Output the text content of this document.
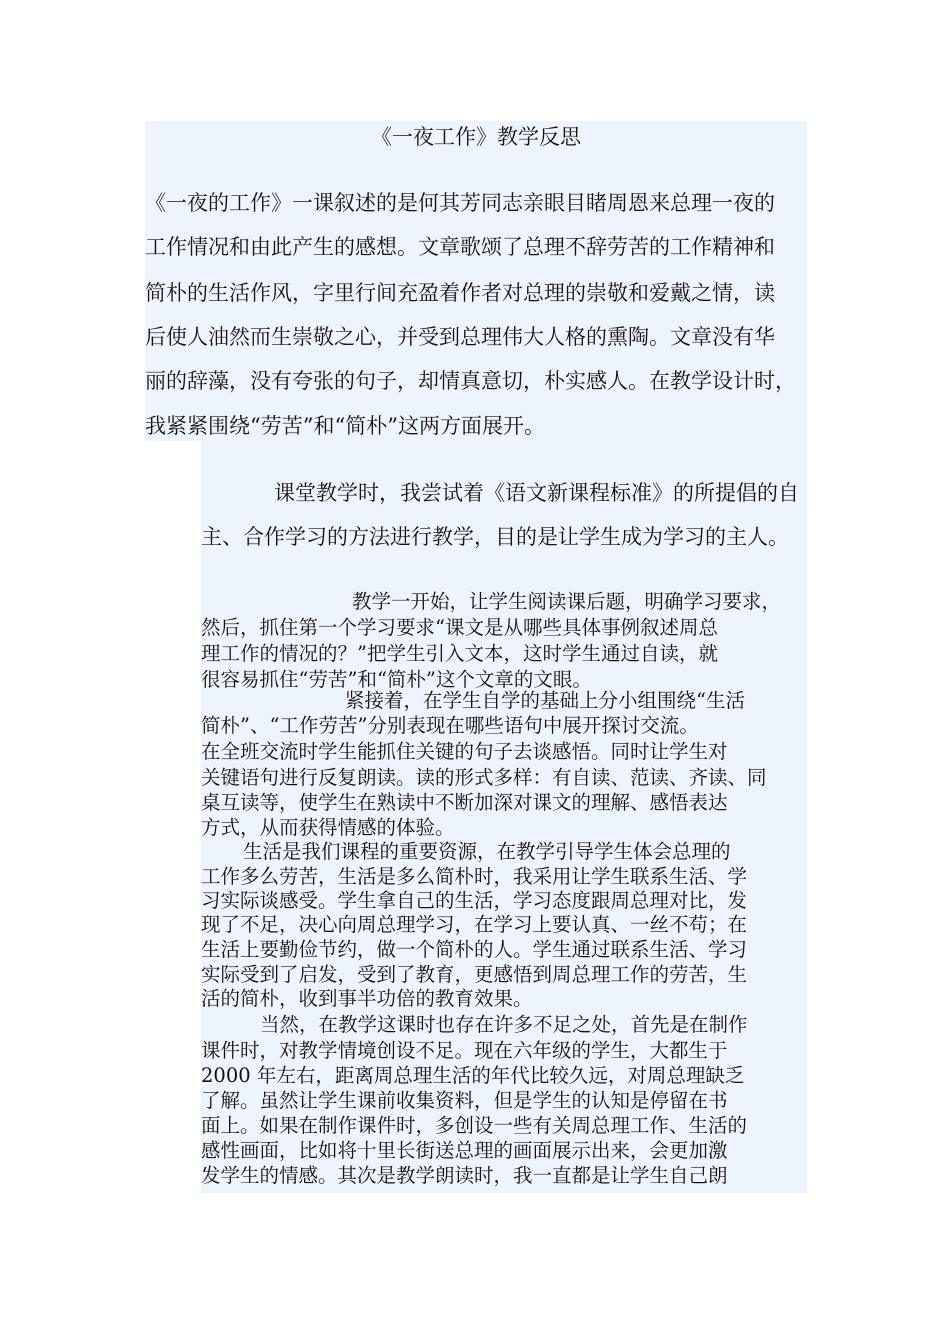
《一夜工作》教学反思
《一夜的工作》一课叙述的是何其芳同志亲眼目睹周恩来总理一夜的
工作情况和由此产生的感想。文章歌颂了总理不辞劳苦的工作精神和
简朴的生活作风，字里行间充盈着作者对总理的崇敬和爱戴之情，读
后使人油然而生崇敬之心，并受到总理伟大人格的熏陶。文章没有华
丽的辞藻，没有夸张的句子，却情真意切，朴实感人。在教学设计时，
我紧紧围绕“劳苦”和“简朴”这两方面展开。
课堂教学时，我尝试着《语文新课程标准》的所提倡的自
主、合作学习的方法进行教学，目的是让学生成为学习的主人。
教学一开始，让学生阅读课后题，明确学习要求，
然后，抓住第一个学习要求“课文是从哪些具体事例叙述周总
理工作的情况的？”把学生引入文本，这时学生通过自读，就
很容易抓住“劳苦”和“简朴”这个文章的文眼。
紧接着，在学生自学的基础上分小组围绕“生活
简朴”、“工作劳苦”分别表现在哪些语句中展开探讨交流。
在全班交流时学生能抓住关键的句子去谈感悟。同时让学生对
关键语句进行反复朗读。读的形式多样：有自读、范读、齐读、同
桌互读等，使学生在熟读中不断加深对课文的理解、感悟表达
方式，从而获得情感的体验。
生活是我们课程的重要资源，在教学引导学生体会总理的
工作多么劳苦，生活是多么简朴时，我采用让学生联系生活、学
习实际谈感受。学生拿自己的生活，学习态度跟周总理对比，发
现了不足，决心向周总理学习，在学习上要认真、一丝不苟；在
生活上要勤俭节约，做一个简朴的人。学生通过联系生活、学习
实际受到了启发，受到了教育，更感悟到周总理工作的劳苦，生
活的简朴，收到事半功倍的教育效果。
当然，在教学这课时也存在许多不足之处，首先是在制作
课件时，对教学情境创设不足。现在六年级的学生，大都生于
2000 年左右，距离周总理生活的年代比较久远，对周总理缺乏
了解。虽然让学生课前收集资料，但是学生的认知是停留在书
面上。如果在制作课件时，多创设一些有关周总理工作、生活的
感性画面，比如将十里长街送总理的画面展示出来，会更加激
发学生的情感。其次是教学朗读时，我一直都是让学生自己朗
